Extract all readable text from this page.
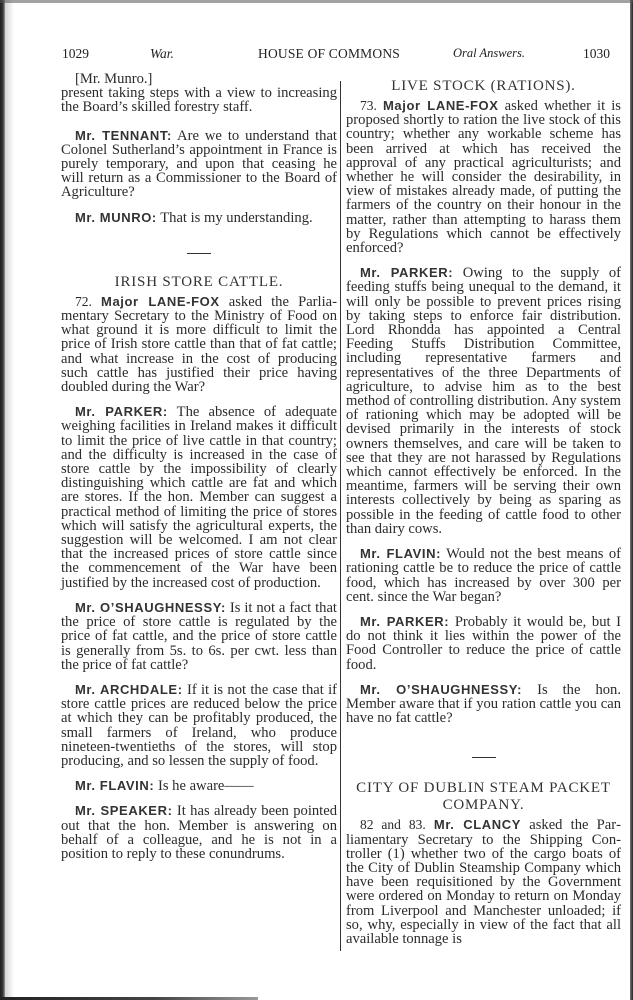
1029	War.	HOUSE OF COMMONS	Oral Answers.	1030

[Mr. Munro.]

present taking steps with a view to increasing the Board’s skilled forestry staff.

Mr. TENNANT: Are we to understand that Colonel Sutherland’s appointment in France is purely temporary, and upon that ceasing he will return as a Commissioner to the Board of Agriculture?

Mr. MUNRO: That is my understanding.

IRISH STORE CATTLE.

72. Major LANE-FOX asked the Parliamentary Secretary to the Ministry of Food on what ground it is more difficult to limit the price of Irish store cattle than that of fat cattle; and what increase in the cost of producing such cattle has justified their price having doubled during the War?

Mr. PARKER: The absence of adequate weighing facilities in Ireland makes it difficult to limit the price of live cattle in that country; and the difficulty is increased in the case of store cattle by the impossibility of clearly distinguishing which cattle are fat and which are stores. If the hon. Member can suggest a practical method of limiting the price of stores which will satisfy the agricultural experts, the suggestion will be welcomed. I am not clear that the increased prices of store cattle since the commencement of the War have been justified by the increased cost of production.

Mr. O’SHAUGHNESSY: Is it not a fact that the price of store cattle is regulated by the price of fat cattle, and the price of store cattle is generally from 5s. to 6s. per cwt. less than the price of fat cattle?

Mr. ARCHDALE: If it is not the case that if store cattle prices are reduced below the price at which they can be profitably produced, the small farmers of Ireland, who produce nineteen-twentieths of the stores, will stop producing, and so lessen the supply of food.

Mr. FLAVIN: Is he aware——

Mr. SPEAKER: It has already been pointed out that the hon. Member is answering on behalf of a colleague, and he is not in a position to reply to these conundrums.

LIVE STOCK (RATIONS).

73. Major LANE-FOX asked whether it is proposed shortly to ration the live stock of this country; whether any workable scheme has been arrived at which has received the approval of any practical agriculturists; and whether he will consider the desirability, in view of mistakes already made, of putting the farmers of the country on their honour in the matter, rather than attempting to harass them by Regulations which cannot be effectively enforced?

Mr. PARKER: Owing to the supply of feeding stuffs being unequal to the demand, it will only be possible to prevent prices rising by taking steps to enforce fair distribution. Lord Rhondda has appointed a Central Feeding Stuffs Distribution Committee, including representative farmers and representatives of the three Departments of agriculture, to advise him as to the best method of controlling distribution. Any system of rationing which may be adopted will be devised primarily in the interests of stock owners themselves, and care will be taken to see that they are not harassed by Regulations which cannot effectively be enforced. In the meantime, farmers will be serving their own interests collectively by being as sparing as possible in the feeding of cattle food to other than dairy cows.

Mr. FLAVIN: Would not the best means of rationing cattle be to reduce the price of cattle food, which has increased by over 300 per cent. since the War began?

Mr. PARKER: Probably it would be, but I do not think it lies within the power of the Food Controller to reduce the price of cattle food.

Mr. O’SHAUGHNESSY: Is the hon. Member aware that if you ration cattle you can have no fat cattle?

CITY OF DUBLIN STEAM PACKET

COMPANY.

82 and 83. Mr. CLANCY asked the Parliamentary Secretary to the Shipping Controller (1) whether two of the cargo boats of the City of Dublin Steamship Company which have been requisitioned by the Government were ordered on Monday to return on Monday from Liverpool and Manchester unloaded; if so, why, especially in view of the fact that all available tonnage is
